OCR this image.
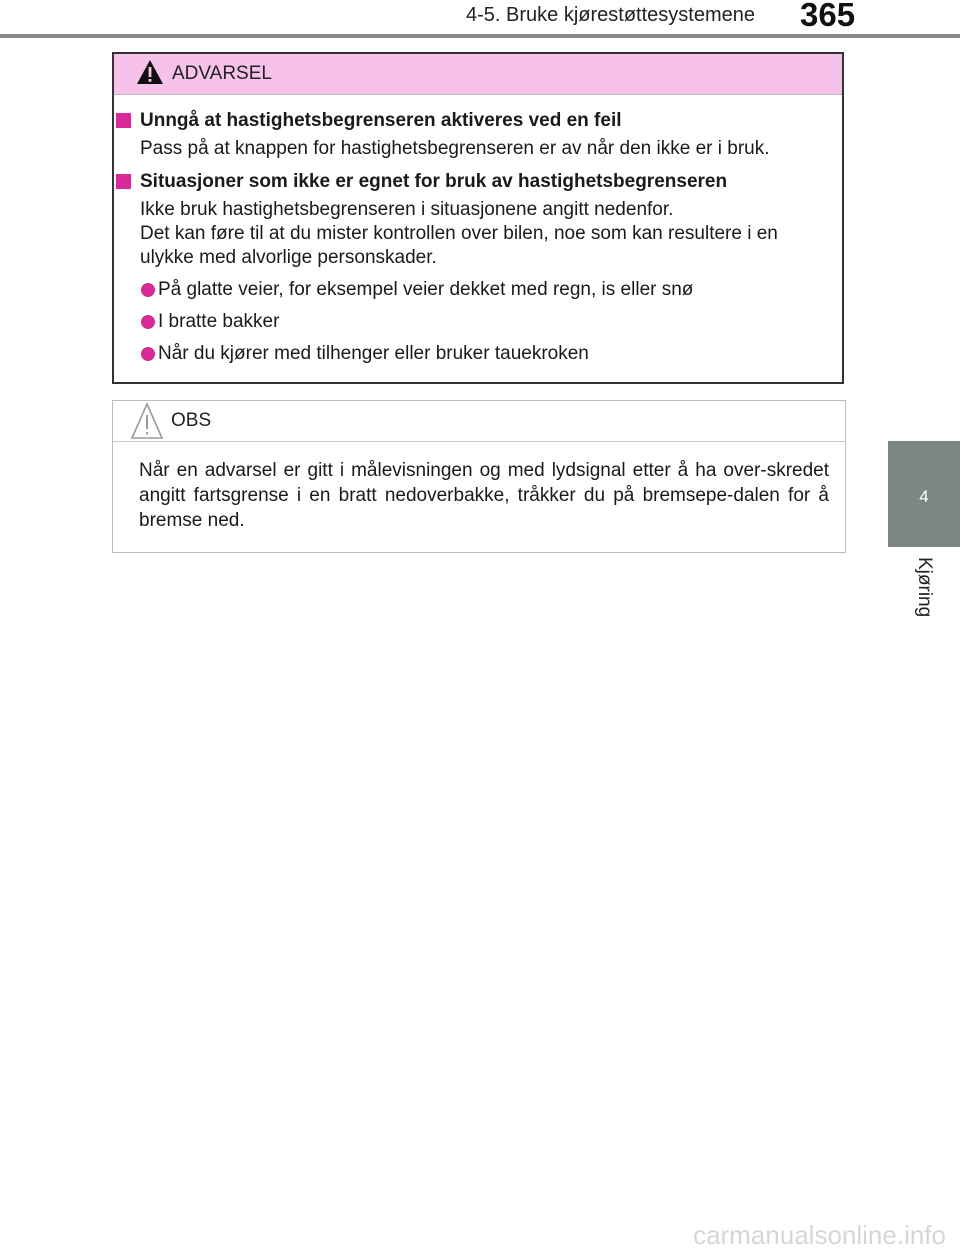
4-5. Bruke kjørestøttesystemene 365
4
Kjøring
ADVARSEL
Unngå at hastighetsbegrenseren aktiveres ved en feil
Pass på at knappen for hastighetsbegrenseren er av når den ikke er i bruk.
Situasjoner som ikke er egnet for bruk av hastighetsbegrenseren
Ikke bruk hastighetsbegrenseren i situasjonene angitt nedenfor.
Det kan føre til at du mister kontrollen over bilen, noe som kan resultere i en ulykke med alvorlige personskader.
På glatte veier, for eksempel veier dekket med regn, is eller snø
I bratte bakker
Når du kjører med tilhenger eller bruker tauekroken
OBS
Når en advarsel er gitt i målevisningen og med lydsignal etter å ha over-skredet angitt fartsgrense i en bratt nedoverbakke, tråkker du på bremsepe-dalen for å bremse ned.
carmanualsonline.info
